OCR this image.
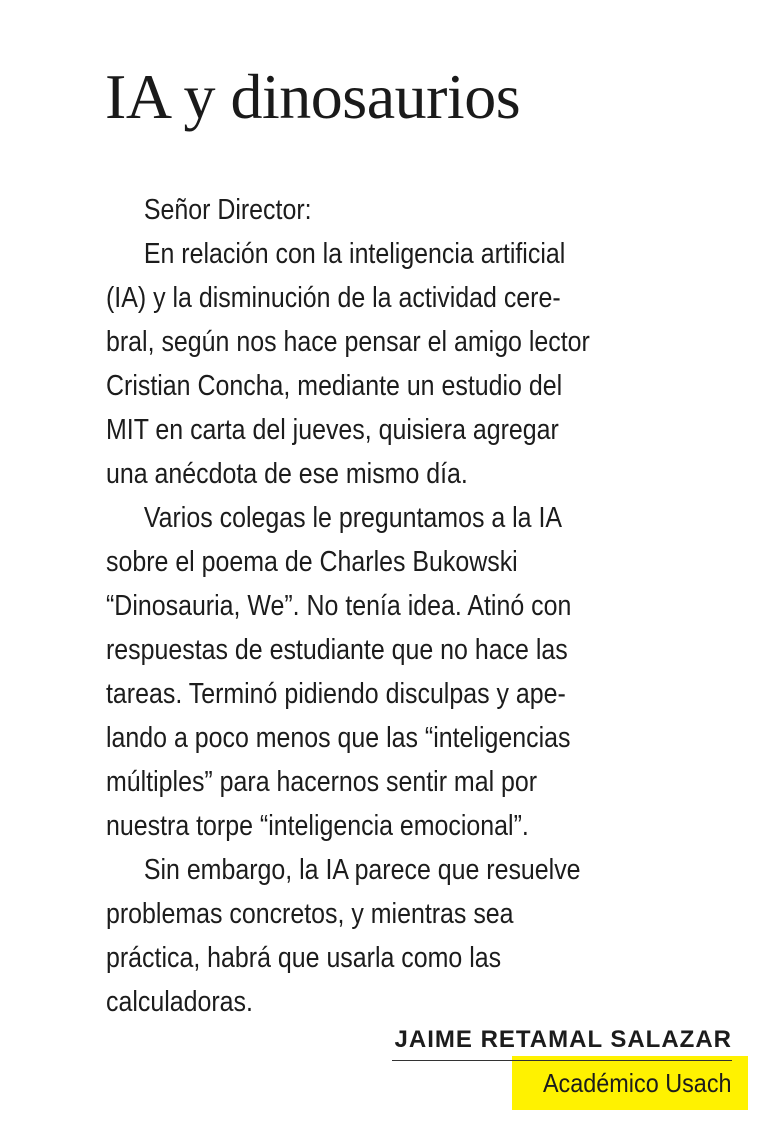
IA y dinosaurios
Señor Director:
En relación con la inteligencia artificial
(IA) y la disminución de la actividad cere-
bral, según nos hace pensar el amigo lector
Cristian Concha, mediante un estudio del
MIT en carta del jueves, quisiera agregar
una anécdota de ese mismo día.
Varios colegas le preguntamos a la IA
sobre el poema de Charles Bukowski
“Dinosauria, We”. No tenía idea. Atinó con
respuestas de estudiante que no hace las
tareas. Terminó pidiendo disculpas y ape-
lando a poco menos que las “inteligencias
múltiples” para hacernos sentir mal por
nuestra torpe “inteligencia emocional”.
Sin embargo, la IA parece que resuelve
problemas concretos, y mientras sea
práctica, habrá que usarla como las
calculadoras.
JAIME RETAMAL SALAZAR
Académico Usach
